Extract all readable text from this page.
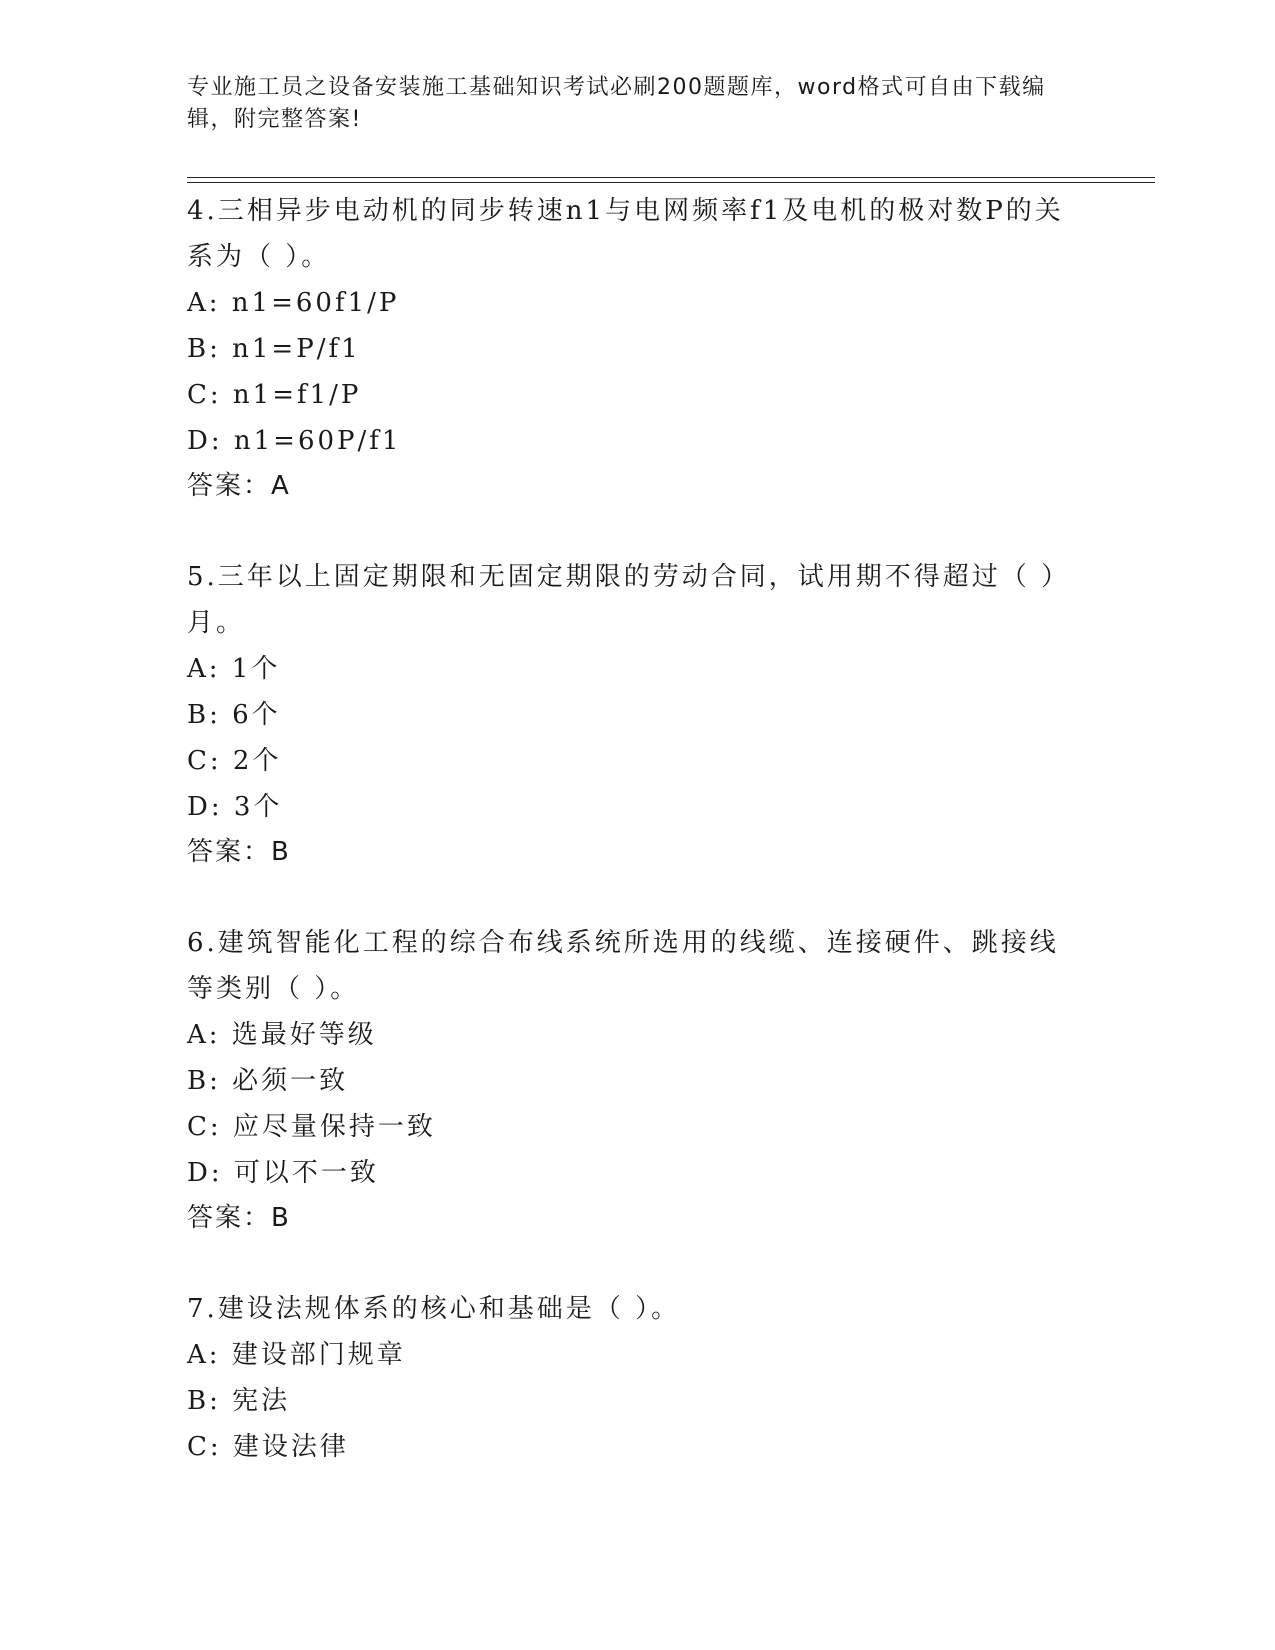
专业施工员之设备安装施工基础知识考试必刷200题题库，word格式可自由下载编辑，附完整答案!
4.三相异步电动机的同步转速n1与电网频率f1及电机的极对数P的关系为（ ）。
A: n1=60f1/P
B: n1=P/f1
C: n1=f1/P
D: n1=60P/f1
答案：A
5.三年以上固定期限和无固定期限的劳动合同，试用期不得超过（ ）月。
A: 1个
B: 6个
C: 2个
D: 3个
答案：B
6.建筑智能化工程的综合布线系统所选用的线缆、连接硬件、跳接线等类别（ ）。
A: 选最好等级
B: 必须一致
C: 应尽量保持一致
D: 可以不一致
答案：B
7.建设法规体系的核心和基础是（ ）。
A: 建设部门规章
B: 宪法
C: 建设法律
